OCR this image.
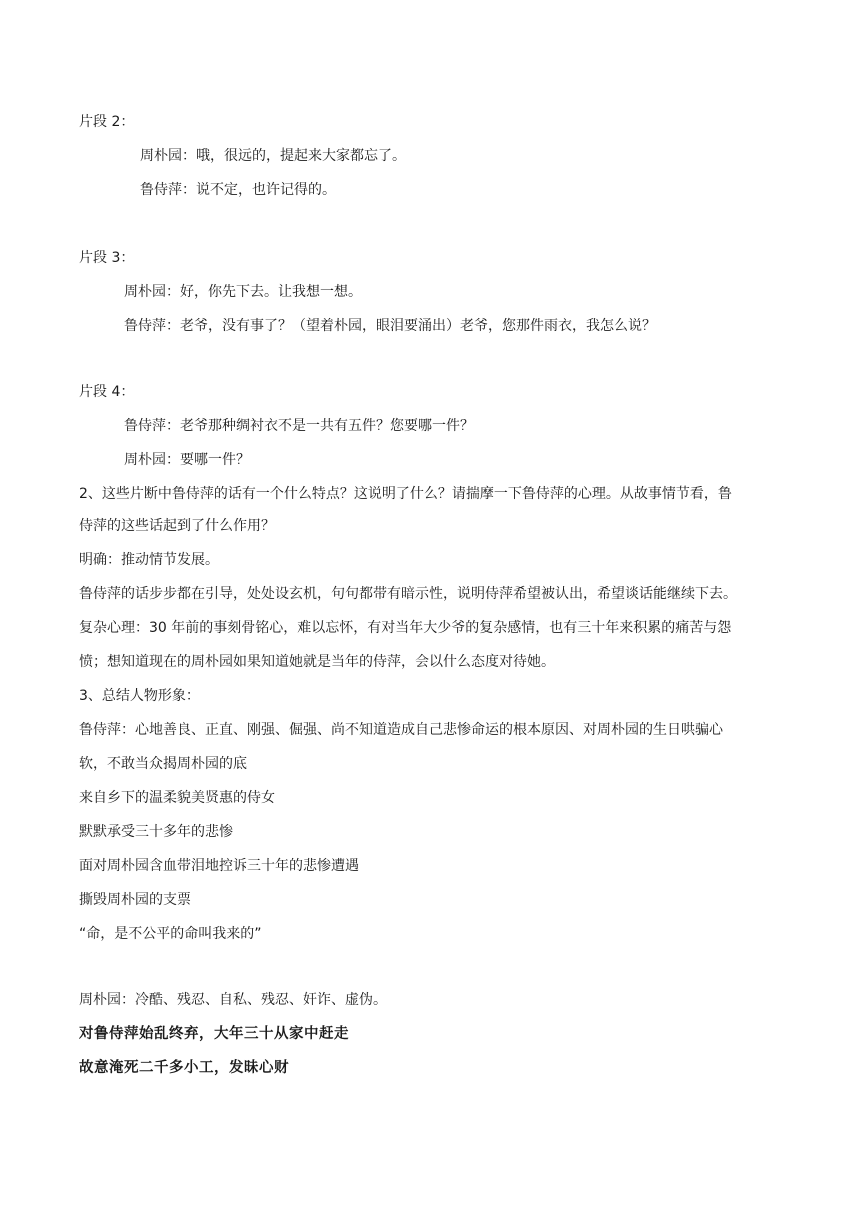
片段 2：
周朴园：哦，很远的，提起来大家都忘了。
鲁侍萍：说不定，也许记得的。
片段 3：
周朴园：好，你先下去。让我想一想。
鲁侍萍：老爷，没有事了？（望着朴园，眼泪要涌出）老爷，您那件雨衣，我怎么说？
片段 4：
鲁侍萍：老爷那种绸衬衣不是一共有五件？您要哪一件？
周朴园：要哪一件？
2、这些片断中鲁侍萍的话有一个什么特点？这说明了什么？请揣摩一下鲁侍萍的心理。从故事情节看，鲁
侍萍的这些话起到了什么作用？
明确：推动情节发展。
鲁侍萍的话步步都在引导，处处设玄机，句句都带有暗示性，说明侍萍希望被认出，希望谈话能继续下去。
复杂心理：30 年前的事刻骨铭心，难以忘怀，有对当年大少爷的复杂感情，也有三十年来积累的痛苦与怨
愤；想知道现在的周朴园如果知道她就是当年的侍萍，会以什么态度对待她。
3、总结人物形象：
鲁侍萍：心地善良、正直、刚强、倔强、尚不知道造成自己悲惨命运的根本原因、对周朴园的生日哄骗心
软，不敢当众揭周朴园的底
来自乡下的温柔貌美贤惠的侍女
默默承受三十多年的悲惨
面对周朴园含血带泪地控诉三十年的悲惨遭遇
撕毁周朴园的支票
“命，是不公平的命叫我来的”
周朴园：冷酷、残忍、自私、残忍、奸诈、虚伪。
对鲁侍萍始乱终弃，大年三十从家中赶走
故意淹死二千多小工，发昧心财
